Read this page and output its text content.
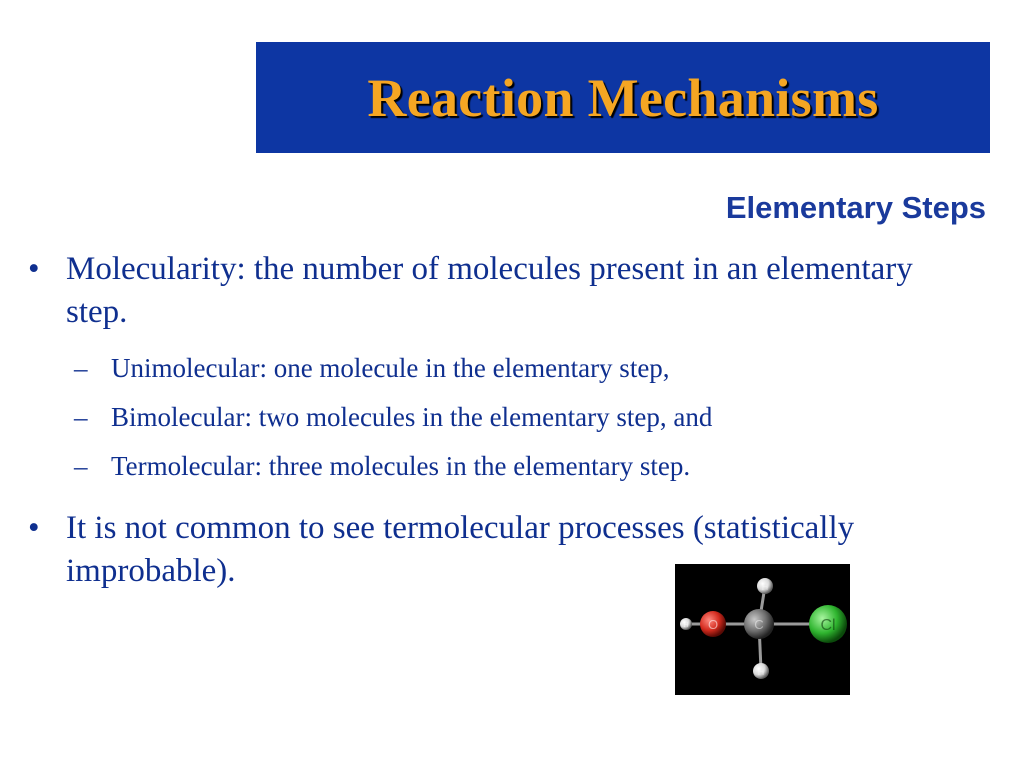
Reaction Mechanisms
Elementary Steps
• Molecularity: the number of molecules present in an elementary step.
– Unimolecular: one molecule in the elementary step,
– Bimolecular: two molecules in the elementary step, and
– Termolecular: three molecules in the elementary step.
• It is not common to see termolecular processes (statistically improbable).
O	C
H
H
H	Cl
